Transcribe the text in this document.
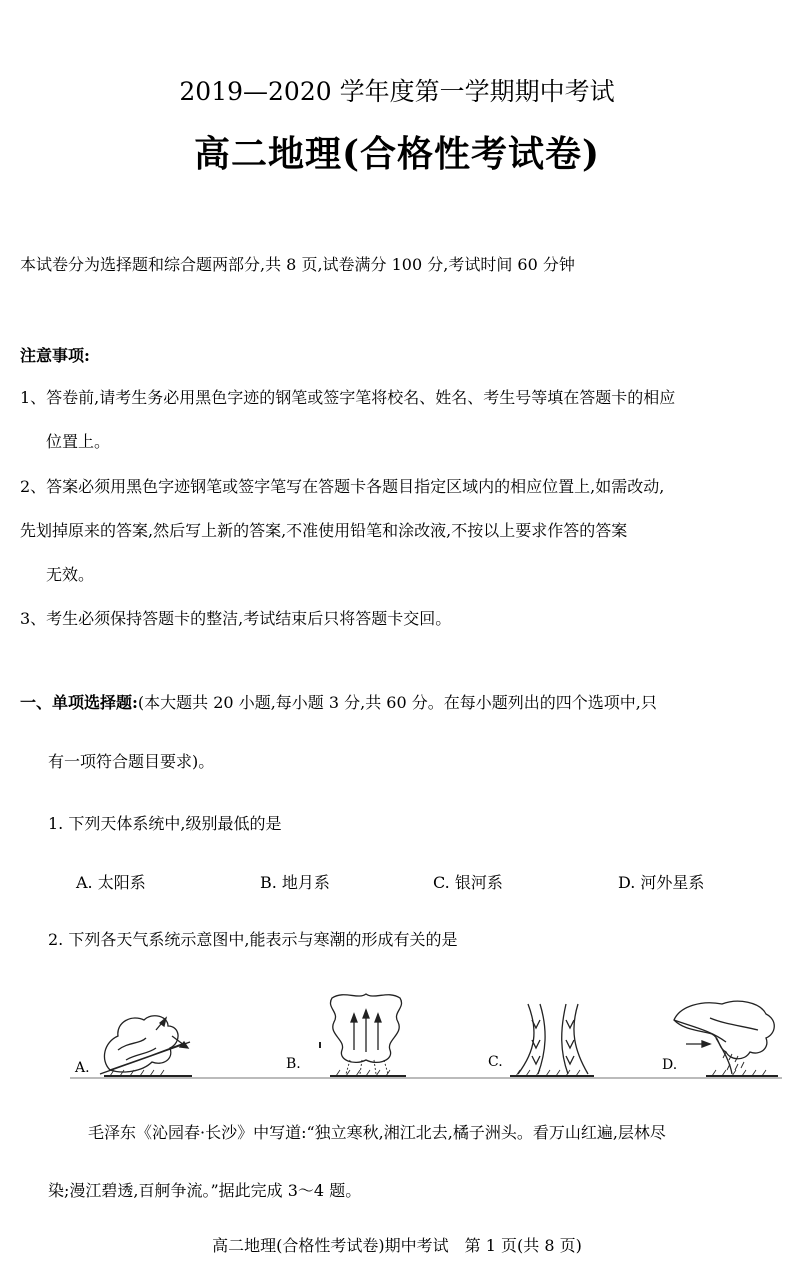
2019—2020 学年度第一学期期中考试

高二地理(合格性考试卷)

本试卷分为选择题和综合题两部分,共 8 页,试卷满分 100 分,考试时间 60 分钟

注意事项:

1、答卷前,请考生务必用黑色字迹的钢笔或签字笔将校名、姓名、考生号等填在答题卡的相应

位置上。

2、答案必须用黑色字迹钢笔或签字笔写在答题卡各题目指定区域内的相应位置上,如需改动,

先划掉原来的答案,然后写上新的答案,不准使用铅笔和涂改液,不按以上要求作答的答案

无效。

3、考生必须保持答题卡的整洁,考试结束后只将答题卡交回。

一、单项选择题:(本大题共 20 小题,每小题 3 分,共 60 分。在每小题列出的四个选项中,只

有一项符合题目要求)。

1. 下列天体系统中,级别最低的是

A. 太阳系	B. 地月系	C. 银河系	D. 河外星系

2. 下列各天气系统示意图中,能表示与寒潮的形成有关的是

A.	B.	C.	D.

毛泽东《沁园春·长沙》中写道:“独立寒秋,湘江北去,橘子洲头。看万山红遍,层林尽

染;漫江碧透,百舸争流。”据此完成 3～4 题。

高二地理(合格性考试卷)期中考试　第 1 页(共 8 页)
